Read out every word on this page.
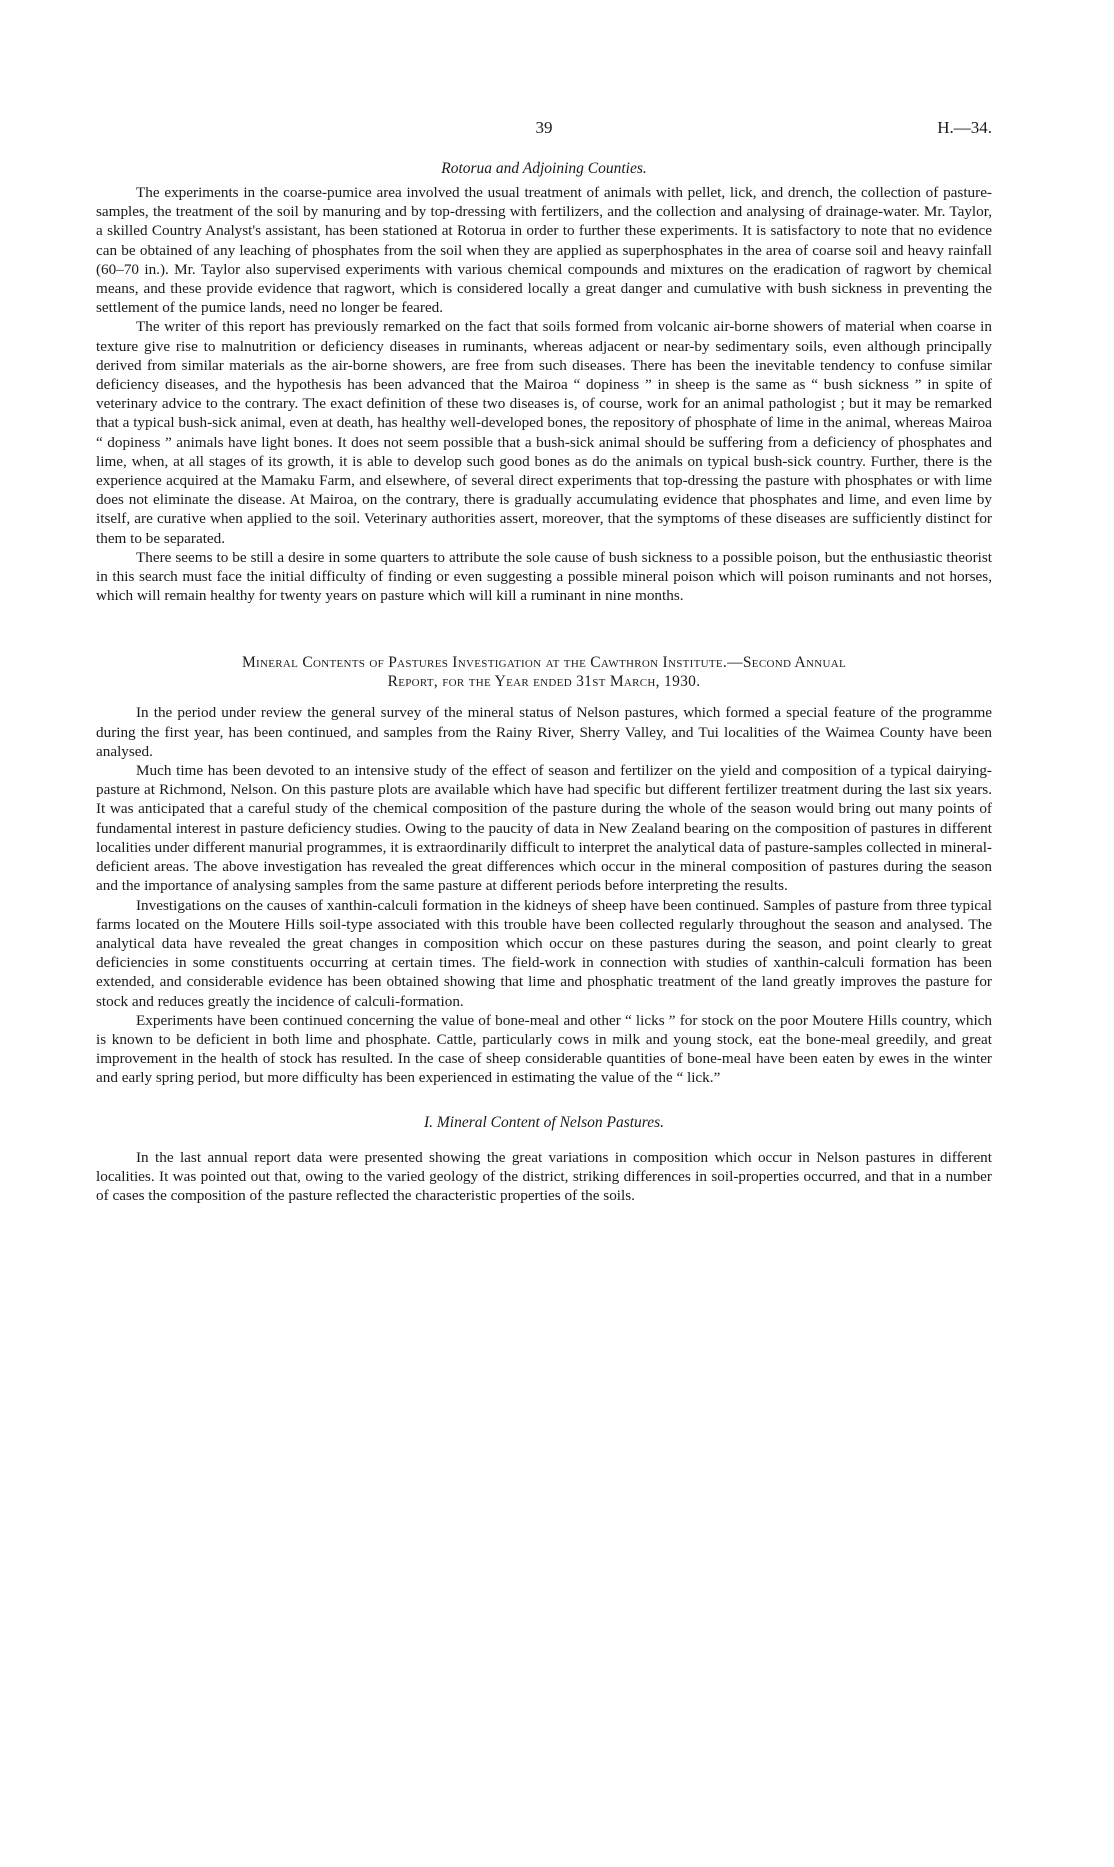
39	H.—34.
Rotorua and Adjoining Counties.

The experiments in the coarse-pumice area involved the usual treatment of animals with pellet, lick, and drench, the collection of pasture-samples, the treatment of the soil by manuring and by top-dressing with fertilizers, and the collection and analysing of drainage-water. Mr. Taylor, a skilled Country Analyst's assistant, has been stationed at Rotorua in order to further these experiments. It is satisfactory to note that no evidence can be obtained of any leaching of phosphates from the soil when they are applied as superphosphates in the area of coarse soil and heavy rainfall (60–70 in.). Mr. Taylor also supervised experiments with various chemical compounds and mixtures on the eradication of ragwort by chemical means, and these provide evidence that ragwort, which is considered locally a great danger and cumulative with bush sickness in preventing the settlement of the pumice lands, need no longer be feared.

The writer of this report has previously remarked on the fact that soils formed from volcanic air-borne showers of material when coarse in texture give rise to malnutrition or deficiency diseases in ruminants, whereas adjacent or near-by sedimentary soils, even although principally derived from similar materials as the air-borne showers, are free from such diseases. There has been the inevitable tendency to confuse similar deficiency diseases, and the hypothesis has been advanced that the Mairoa “ dopiness ” in sheep is the same as “ bush sickness ” in spite of veterinary advice to the contrary. The exact definition of these two diseases is, of course, work for an animal pathologist ; but it may be remarked that a typical bush-sick animal, even at death, has healthy well-developed bones, the repository of phosphate of lime in the animal, whereas Mairoa “ dopiness ” animals have light bones. It does not seem possible that a bush-sick animal should be suffering from a deficiency of phosphates and lime, when, at all stages of its growth, it is able to develop such good bones as do the animals on typical bush-sick country. Further, there is the experience acquired at the Mamaku Farm, and elsewhere, of several direct experiments that top-dressing the pasture with phosphates or with lime does not eliminate the disease. At Mairoa, on the contrary, there is gradually accumulating evidence that phosphates and lime, and even lime by itself, are curative when applied to the soil. Veterinary authorities assert, moreover, that the symptoms of these diseases are sufficiently distinct for them to be separated.

There seems to be still a desire in some quarters to attribute the sole cause of bush sickness to a possible poison, but the enthusiastic theorist in this search must face the initial difficulty of finding or even suggesting a possible mineral poison which will poison ruminants and not horses, which will remain healthy for twenty years on pasture which will kill a ruminant in nine months.

Mineral Contents of Pastures Investigation at the Cawthron Institute.—Second Annual
Report, for the Year ended 31st March, 1930.

In the period under review the general survey of the mineral status of Nelson pastures, which formed a special feature of the programme during the first year, has been continued, and samples from the Rainy River, Sherry Valley, and Tui localities of the Waimea County have been analysed.

Much time has been devoted to an intensive study of the effect of season and fertilizer on the yield and composition of a typical dairying-pasture at Richmond, Nelson. On this pasture plots are available which have had specific but different fertilizer treatment during the last six years. It was anticipated that a careful study of the chemical composition of the pasture during the whole of the season would bring out many points of fundamental interest in pasture deficiency studies. Owing to the paucity of data in New Zealand bearing on the composition of pastures in different localities under different manurial programmes, it is extraordinarily difficult to interpret the analytical data of pasture-samples collected in mineral-deficient areas. The above investigation has revealed the great differences which occur in the mineral composition of pastures during the season and the importance of analysing samples from the same pasture at different periods before interpreting the results.

Investigations on the causes of xanthin-calculi formation in the kidneys of sheep have been continued. Samples of pasture from three typical farms located on the Moutere Hills soil-type associated with this trouble have been collected regularly throughout the season and analysed. The analytical data have revealed the great changes in composition which occur on these pastures during the season, and point clearly to great deficiencies in some constituents occurring at certain times. The field-work in connection with studies of xanthin-calculi formation has been extended, and considerable evidence has been obtained showing that lime and phosphatic treatment of the land greatly improves the pasture for stock and reduces greatly the incidence of calculi-formation.

Experiments have been continued concerning the value of bone-meal and other “ licks ” for stock on the poor Moutere Hills country, which is known to be deficient in both lime and phosphate. Cattle, particularly cows in milk and young stock, eat the bone-meal greedily, and great improvement in the health of stock has resulted. In the case of sheep considerable quantities of bone-meal have been eaten by ewes in the winter and early spring period, but more difficulty has been experienced in estimating the value of the “ lick.”

I. Mineral Content of Nelson Pastures.

In the last annual report data were presented showing the great variations in composition which occur in Nelson pastures in different localities. It was pointed out that, owing to the varied geology of the district, striking differences in soil-properties occurred, and that in a number of cases the composition of the pasture reflected the characteristic properties of the soils.
